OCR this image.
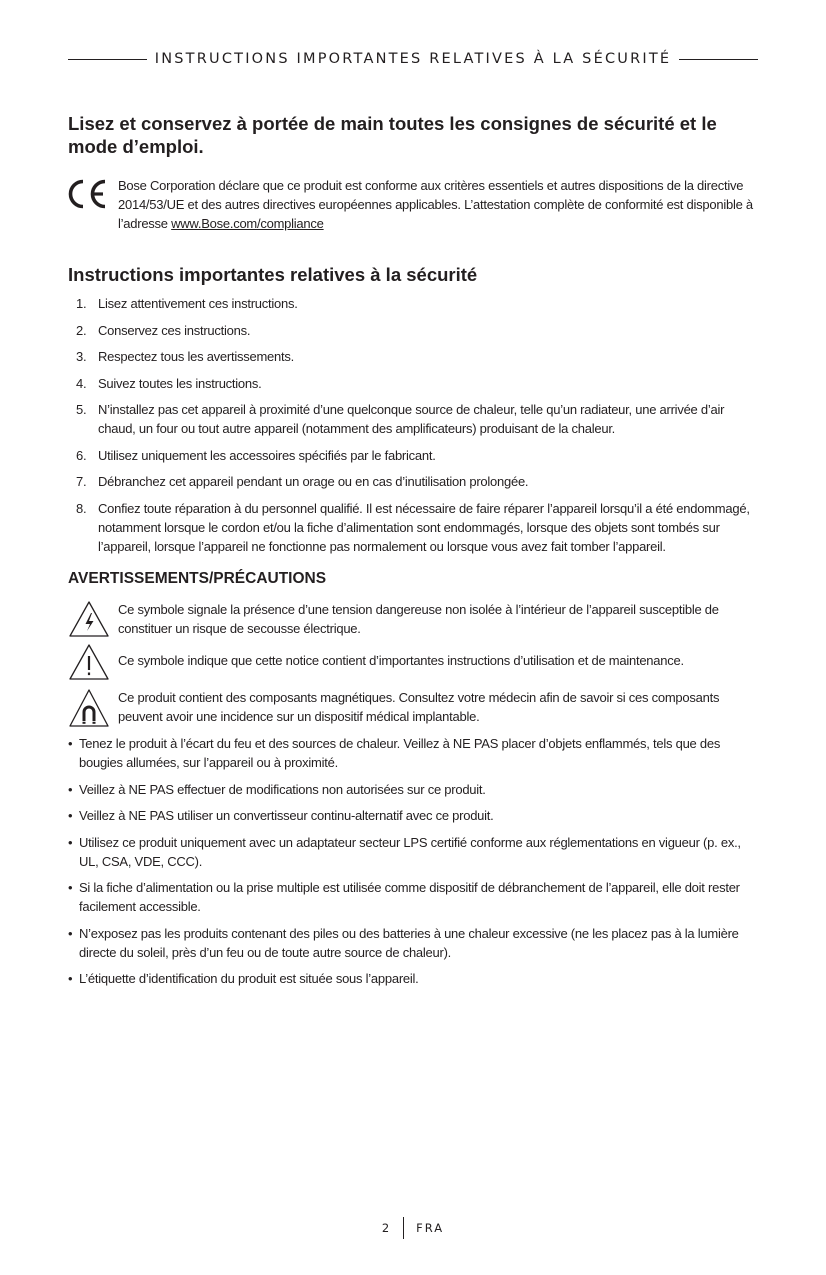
INSTRUCTIONS IMPORTANTES RELATIVES À LA SÉCURITÉ
Lisez et conservez à portée de main toutes les consignes de sécurité et le mode d’emploi.
Bose Corporation déclare que ce produit est conforme aux critères essentiels et autres dispositions de la directive 2014/53/UE et des autres directives européennes applicables. L’attestation complète de conformité est disponible à l’adresse www.Bose.com/compliance
Instructions importantes relatives à la sécurité
1. Lisez attentivement ces instructions.
2. Conservez ces instructions.
3. Respectez tous les avertissements.
4. Suivez toutes les instructions.
5. N’installez pas cet appareil à proximité d’une quelconque source de chaleur, telle qu’un radiateur, une arrivée d’air chaud, un four ou tout autre appareil (notamment des amplificateurs) produisant de la chaleur.
6. Utilisez uniquement les accessoires spécifiés par le fabricant.
7. Débranchez cet appareil pendant un orage ou en cas d’inutilisation prolongée.
8. Confiez toute réparation à du personnel qualifié. Il est nécessaire de faire réparer l’appareil lorsqu’il a été endommagé, notamment lorsque le cordon et/ou la fiche d’alimentation sont endommagés, lorsque des objets sont tombés sur l’appareil, lorsque l’appareil ne fonctionne pas normalement ou lorsque vous avez fait tomber l’appareil.
AVERTISSEMENTS/PRÉCAUTIONS
Ce symbole signale la présence d’une tension dangereuse non isolée à l’intérieur de l’appareil susceptible de constituer un risque de secousse électrique.
Ce symbole indique que cette notice contient d’importantes instructions d’utilisation et de maintenance.
Ce produit contient des composants magnétiques. Consultez votre médecin afin de savoir si ces composants peuvent avoir une incidence sur un dispositif médical implantable.
• Tenez le produit à l’écart du feu et des sources de chaleur. Veillez à NE PAS placer d’objets enflammés, tels que des bougies allumées, sur l’appareil ou à proximité.
• Veillez à NE PAS effectuer de modifications non autorisées sur ce produit.
• Veillez à NE PAS utiliser un convertisseur continu-alternatif avec ce produit.
• Utilisez ce produit uniquement avec un adaptateur secteur LPS certifié conforme aux réglementations en vigueur (p. ex., UL, CSA, VDE, CCC).
• Si la fiche d’alimentation ou la prise multiple est utilisée comme dispositif de débranchement de l’appareil, elle doit rester facilement accessible.
• N’exposez pas les produits contenant des piles ou des batteries à une chaleur excessive (ne les placez pas à la lumière directe du soleil, près d’un feu ou de toute autre source de chaleur).
• L’étiquette d’identification du produit est située sous l’appareil.
2 FRA
